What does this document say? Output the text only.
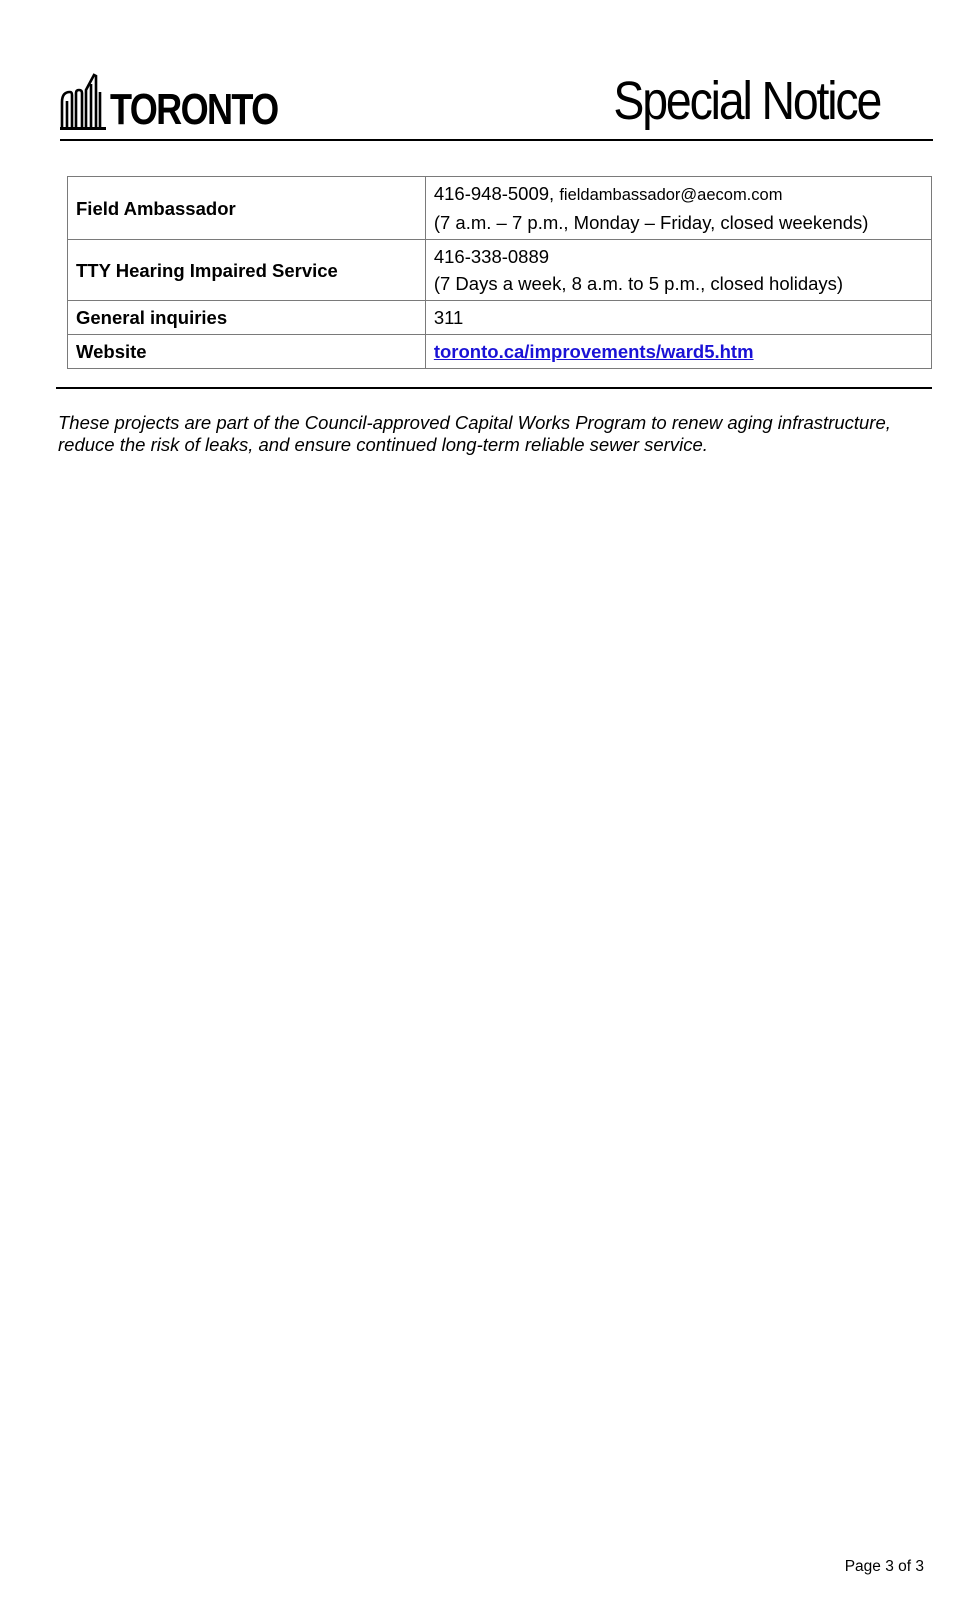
TORONTO	Special Notice
Field Ambassador	416-948-5009, fieldambassador@aecom.com
(7 a.m. – 7 p.m., Monday – Friday, closed weekends)

TTY Hearing Impaired Service	416-338-0889
(7 Days a week, 8 a.m. to 5 p.m., closed holidays)

General inquiries	311
Website	toronto.ca/improvements/ward5.htm

These projects are part of the Council-approved Capital Works Program to renew aging infrastructure, reduce the risk of leaks, and ensure continued long-term reliable sewer service.

Page 3 of 3
